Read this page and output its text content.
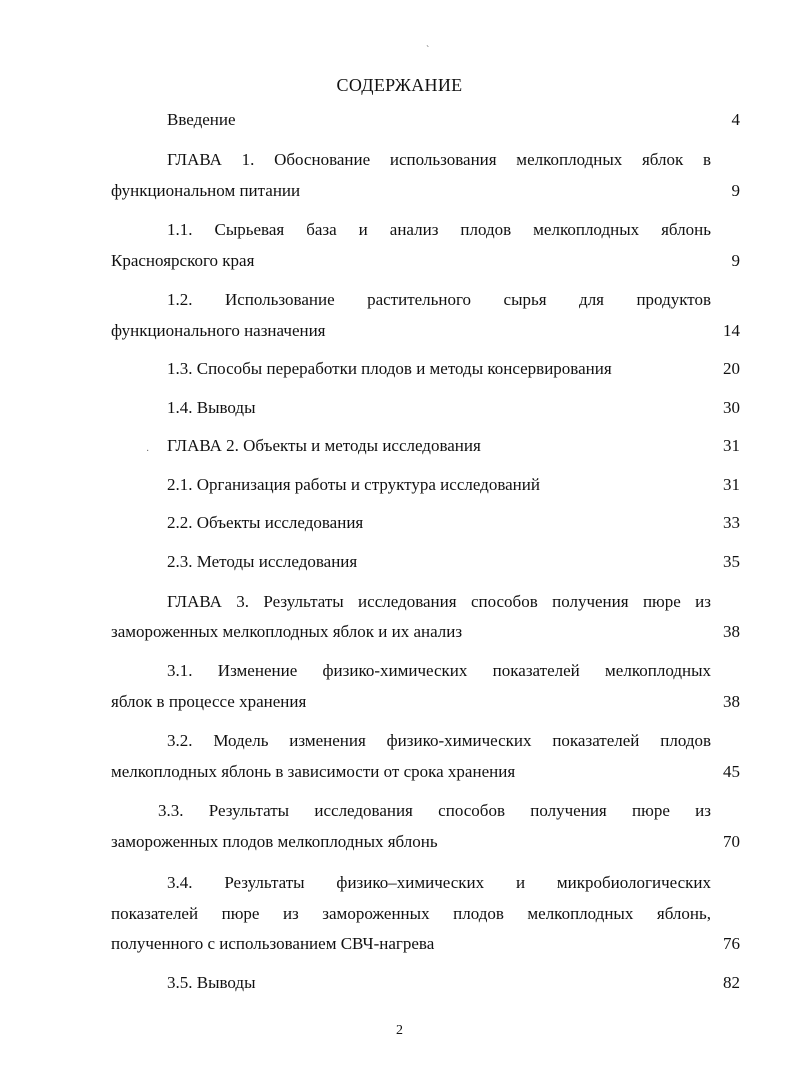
`
·
СОДЕРЖАНИЕ
Введение	4
ГЛАВА 1. Обоснование использования мелкоплодных яблок в
функциональном питании	9
1.1. Сырьевая база и анализ плодов мелкоплодных яблонь
Красноярского края	9
1.2. Использование растительного сырья для продуктов
функционального назначения	14
1.3. Способы переработки плодов и методы консервирования	20
1.4. Выводы	30
ГЛАВА 2. Объекты и методы исследования	31
2.1. Организация работы и структура исследований	31
2.2. Объекты исследования	33
2.3. Методы исследования	35
ГЛАВА 3. Результаты исследования способов получения пюре из
замороженных мелкоплодных яблок и их анализ	38
3.1. Изменение физико-химических показателей мелкоплодных
яблок в процессе хранения	38
3.2. Модель изменения физико-химических показателей плодов
мелкоплодных яблонь в зависимости от срока хранения	45
3.3. Результаты исследования способов получения пюре из
замороженных плодов мелкоплодных яблонь	70
3.4. Результаты физико–химических и микробиологических
показателей пюре из замороженных плодов мелкоплодных яблонь,
полученного с использованием СВЧ-нагрева	76
3.5. Выводы	82
2
